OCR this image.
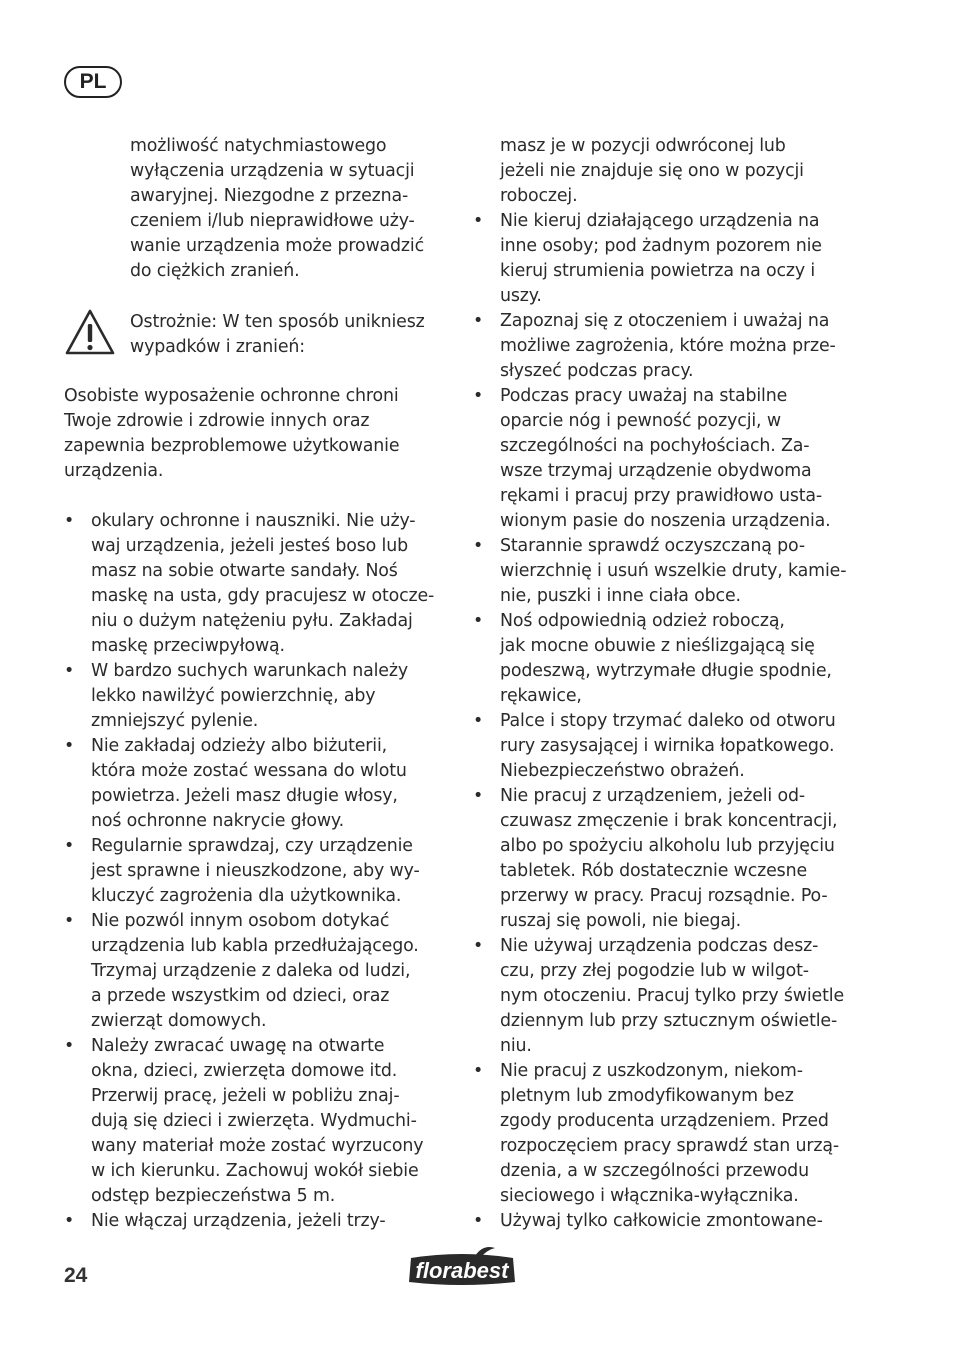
PL

możliwość natychmiastowego
wyłączenia urządzenia w sytuacji
awaryjnej. Niezgodne z przezna-
czeniem i/lub nieprawidłowe uży-
wanie urządzenia może prowadzić
do ciężkich zranień.

Ostrożnie: W ten sposób unikniesz
wypadków i zranień:

Osobiste wyposażenie ochronne chroni
Twoje zdrowie i zdrowie innych oraz
zapewnia bezproblemowe użytkowanie
urządzenia.

• okulary ochronne i nauszniki. Nie uży-
waj urządzenia, jeżeli jesteś boso lub
masz na sobie otwarte sandały. Noś
maskę na usta, gdy pracujesz w otocze-
niu o dużym natężeniu pyłu. Zakładaj
maskę przeciwpyłową.
• W bardzo suchych warunkach należy
lekko nawilżyć powierzchnię, aby
zmniejszyć pylenie.
• Nie zakładaj odzieży albo biżuterii,
która może zostać wessana do wlotu
powietrza. Jeżeli masz długie włosy,
noś ochronne nakrycie głowy.
• Regularnie sprawdzaj, czy urządzenie
jest sprawne i nieuszkodzone, aby wy-
kluczyć zagrożenia dla użytkownika.
• Nie pozwól innym osobom dotykać
urządzenia lub kabla przedłużającego.
Trzymaj urządzenie z daleka od ludzi,
a przede wszystkim od dzieci, oraz
zwierząt domowych.
• Należy zwracać uwagę na otwarte
okna, dzieci, zwierzęta domowe itd.
Przerwij pracę, jeżeli w pobliżu znaj-
dują się dzieci i zwierzęta. Wydmuchi-
wany materiał może zostać wyrzucony
w ich kierunku. Zachowuj wokół siebie
odstęp bezpieczeństwa 5 m.
• Nie włączaj urządzenia, jeżeli trzy-

masz je w pozycji odwróconej lub
jeżeli nie znajduje się ono w pozycji
roboczej.

• Nie kieruj działającego urządzenia na
inne osoby; pod żadnym pozorem nie
kieruj strumienia powietrza na oczy i
uszy.
• Zapoznaj się z otoczeniem i uważaj na
możliwe zagrożenia, które można prze-
słyszeć podczas pracy.
• Podczas pracy uważaj na stabilne
oparcie nóg i pewność pozycji, w
szczególności na pochyłościach. Za-
wsze trzymaj urządzenie obydwoma
rękami i pracuj przy prawidłowo usta-
wionym pasie do noszenia urządzenia.
• Starannie sprawdź oczyszczaną po-
wierzchnię i usuń wszelkie druty, kamie-
nie, puszki i inne ciała obce.
• Noś odpowiednią odzież roboczą,
jak mocne obuwie z nieślizgającą się
podeszwą, wytrzymałe długie spodnie,
rękawice,
• Palce i stopy trzymać daleko od otworu
rury zasysającej i wirnika łopatkowego.
Niebezpieczeństwo obrażeń.
• Nie pracuj z urządzeniem, jeżeli od-
czuwasz zmęczenie i brak koncentracji,
albo po spożyciu alkoholu lub przyjęciu
tabletek. Rób dostatecznie wczesne
przerwy w pracy. Pracuj rozsądnie. Po-
ruszaj się powoli, nie biegaj.
• Nie używaj urządzenia podczas desz-
czu, przy złej pogodzie lub w wilgot-
nym otoczeniu. Pracuj tylko przy świetle
dziennym lub przy sztucznym oświetle-
niu.
• Nie pracuj z uszkodzonym, niekom-
pletnym lub zmodyfikowanym bez
zgody producenta urządzeniem. Przed
rozpoczęciem pracy sprawdź stan urzą-
dzenia, a w szczególności przewodu
sieciowego i włącznika-wyłącznika.
• Używaj tylko całkowicie zmontowane-
24	florabest
